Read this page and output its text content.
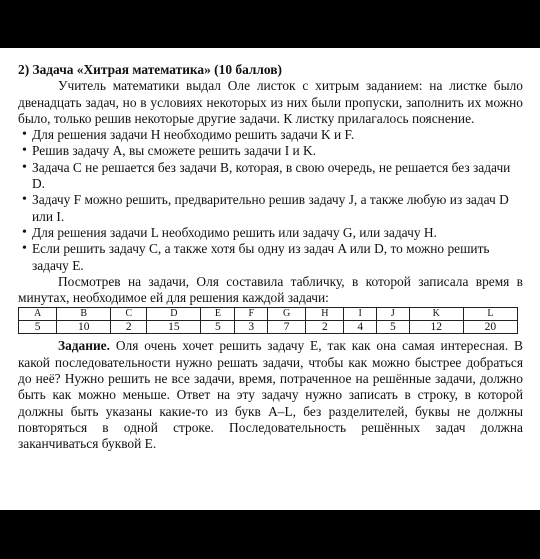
2) Задача «Хитрая математика» (10 баллов)

Учитель математики выдал Оле листок с хитрым заданием: на листке было двенадцать задач, но в условиях некоторых из них были пропуски, заполнить их можно было, только решив некоторые другие задачи. К листку прилагалось пояснение.

• Для решения задачи H необходимо решить задачи K и F.
• Решив задачу A, вы сможете решить задачи I и K.
• Задача C не решается без задачи B, которая, в свою очередь, не решается без задачи D.
• Задачу F можно решить, предварительно решив задачу J, а также любую из задач D или I.
• Для решения задачи L необходимо решить или задачу G, или задачу H.
• Если решить задачу C, а также хотя бы одну из задач A или D, то можно решить задачу E.

Посмотрев на задачи, Оля составила табличку, в которой записала время в минутах, необходимое ей для решения каждой задачи:

A	B	C	D	E	F	G	H	I	J	K	L
5	10	2	15	5	3	7	2	4	5	12	20

Задание. Оля очень хочет решить задачу E, так как она самая интересная. В какой последовательности нужно решать задачи, чтобы как можно быстрее добраться до неё? Нужно решить не все задачи, время, потраченное на решённые задачи, должно быть как можно меньше. Ответ на эту задачу нужно записать в строку, в которой должны быть указаны какие-то из букв A–L, без разделителей, буквы не должны повторяться в одной строке. Последовательность решённых задач должна заканчиваться буквой E.
